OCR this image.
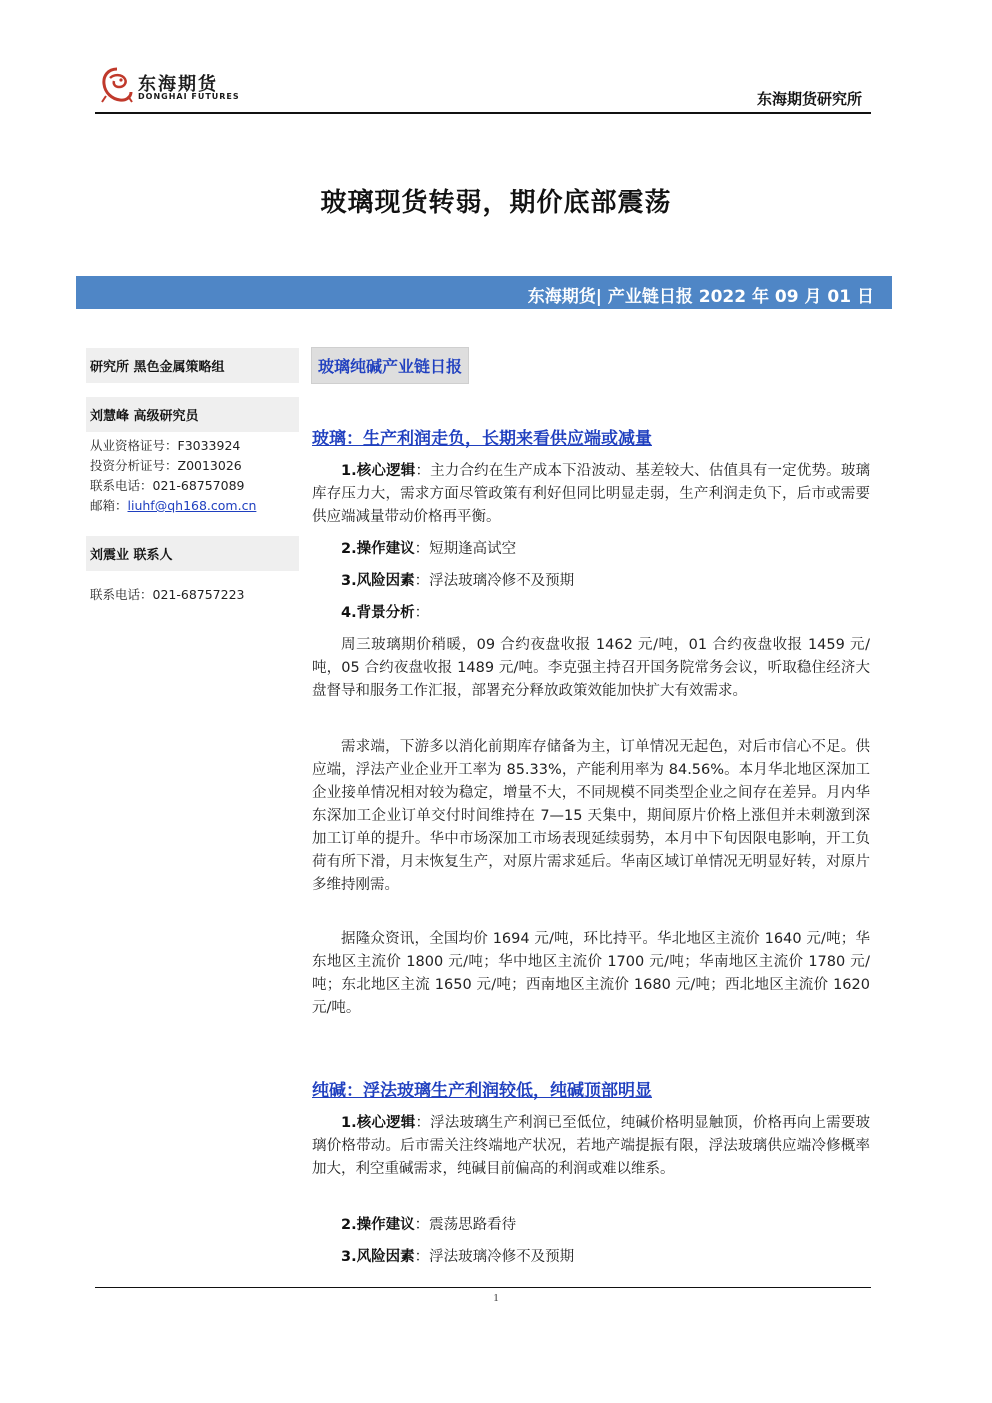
东海期货
DONGHAI FUTURES	东海期货研究所
玻璃现货转弱，期价底部震荡
东海期货| 产业链日报 2022 年 09 月 01 日
研究所 黑色金属策略组
刘慧峰 高级研究员
从业资格证号：F3033924
投资分析证号：Z0013026
联系电话：021-68757089
邮箱：liuhf@qh168.com.cn
刘震业 联系人
联系电话：021-68757223
玻璃纯碱产业链日报
玻璃：生产利润走负，长期来看供应端或减量
1.核心逻辑：主力合约在生产成本下沿波动、基差较大、估值具有一定优势。玻璃库存压力大，需求方面尽管政策有利好但同比明显走弱，生产利润走负下，后市或需要供应端减量带动价格再平衡。
2.操作建议：短期逢高试空
3.风险因素：浮法玻璃冷修不及预期
4.背景分析：
周三玻璃期价稍暖，09 合约夜盘收报 1462 元/吨，01 合约夜盘收报 1459 元/吨，05 合约夜盘收报 1489 元/吨。李克强主持召开国务院常务会议，听取稳住经济大盘督导和服务工作汇报，部署充分释放政策效能加快扩大有效需求。
需求端，下游多以消化前期库存储备为主，订单情况无起色，对后市信心不足。供应端，浮法产业企业开工率为 85.33%，产能利用率为 84.56%。本月华北地区深加工企业接单情况相对较为稳定，增量不大，不同规模不同类型企业之间存在差异。月内华东深加工企业订单交付时间维持在 7—15 天集中，期间原片价格上涨但并未刺激到深加工订单的提升。华中市场深加工市场表现延续弱势，本月中下旬因限电影响，开工负荷有所下滑，月末恢复生产，对原片需求延后。华南区域订单情况无明显好转，对原片多维持刚需。
据隆众资讯，全国均价 1694 元/吨，环比持平。华北地区主流价 1640 元/吨；华东地区主流价 1800 元/吨；华中地区主流价 1700 元/吨；华南地区主流价 1780 元/吨；东北地区主流 1650 元/吨；西南地区主流价 1680 元/吨；西北地区主流价 1620 元/吨。
纯碱：浮法玻璃生产利润较低，纯碱顶部明显
1.核心逻辑：浮法玻璃生产利润已至低位，纯碱价格明显触顶，价格再向上需要玻璃价格带动。后市需关注终端地产状况，若地产端提振有限，浮法玻璃供应端冷修概率加大，利空重碱需求，纯碱目前偏高的利润或难以维系。
2.操作建议：震荡思路看待
3.风险因素：浮法玻璃冷修不及预期
1
